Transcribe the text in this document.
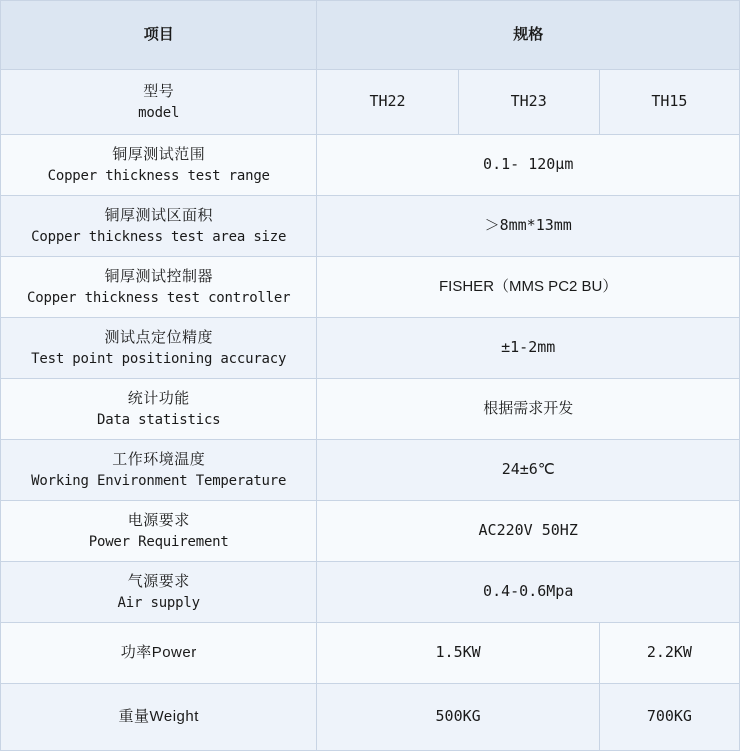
项目	规格		

型号
model	TH22	TH23	TH15

铜厚测试范围
Copper thickness test range	0.1- 120μm		

铜厚测试区面积
Copper thickness test area size	＞8mm*13mm		

铜厚测试控制器
Copper thickness test controller	FISHER（MMS PC2 BU）		

测试点定位精度
Test point positioning accuracy	±1-2mm		

统计功能
Data statistics	根据需求开发		

工作环境温度
Working Environment Temperature	24±6℃		

电源要求
Power Requirement	AC220V 50HZ		

气源要求
Air supply	0.4-0.6Mpa		

功率Power	1.5KW		2.2KW

重量Weight	500KG		700KG
